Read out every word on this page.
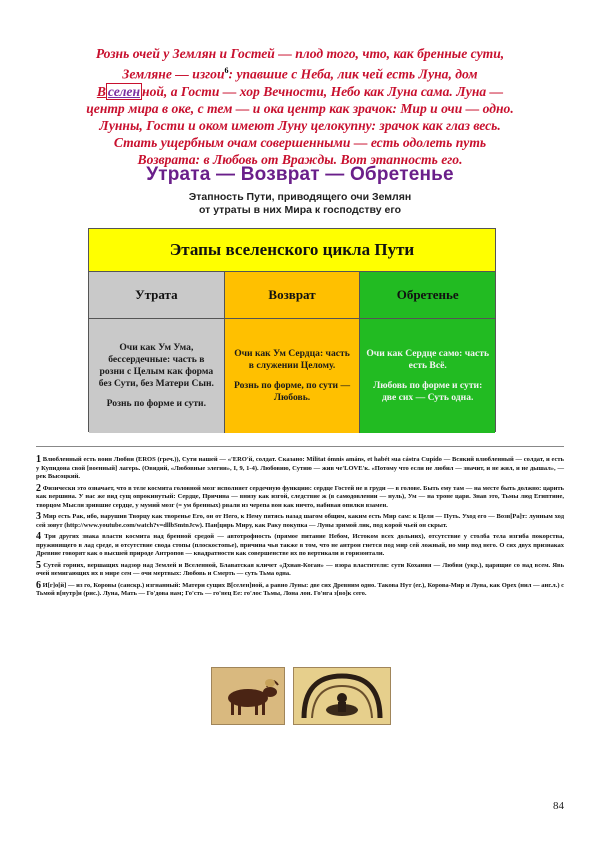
Рознь очей у Землян и Гостей — плод того, что, как бренные сути,
Земляне — изгои$^6$: упавшие с Неба, лик чей есть Луна, дом
В селен ной, а Гости — хор Вечности, Небо как Луна сама. Луна —
центр мира в оке, с тем — и ока центр как зрачок: Мир и очи — одно.
Лунны, Гости и оком имеют Луну целокупну: зрачок как глаз весь.
Стать ущербным очам совершенными — есть одолеть путь
Возврата: в Любовь от Вражды. Вот этапность его.
Утрата — Возврат — Обретенье
Этапность Пути, приводящего очи Землян
от утраты в них Мира к господству его
Этапы вселенского цикла Пути
Утрата

Очи как Ум Ума, бессердечные: часть в розни с Целым как форма без Сути, без Матери Сын.

Рознь по форме и сути.

Возврат

Очи как Ум Сердца: часть в служении Целому.

Рознь по форме, по сути — Любовь.

Обретенье

Очи как Сердце само: часть есть Всё.

Любовь по форме и сути: две сих — Суть одна.

1 Влюбленный есть воин Любви (EROS (греч.)), Сути нашей — «'EROʹй, солдат. Сказано: Militat ómnis amáns, et habét sua cástra Cupído — Всякий влюбленный — солдат, и есть у Купидона свой [военный] лагерь. (Овидий, «Любовные элегии», I, 9, 1-4). Любовию, Сутию — жив че'LOVE'к. «Потому что если не любил — значит, и не жил, и не дышал», — рек Высоцкий.
2 Физически это означает, что в теле космита головной мозг исполняет сердечную функцию: сердце Гостей не в груди — в голове. Быть ему там — на месте быть должно: царить как вершина. У нас же вид сущ опрокинутый: Сердце, Причина — внизу как изгой, следствие ж (в самодовлении — нуль), Ум — на троне царя. Знав это, Тьмы люд Египтине, творцом Мысли зрившие сердце, у мумий мозг (= ум бренных) рвали из черепа вон как ничто, набивая опилки взамен.
3 Мир есть Рак, ибо, нарушив Творцу как творенье Его, он от Него, к Нему пятясь назад шагом общим, каким есть Мир сам: к Цели — Путь. Уход его — Возв[Ра]т: лунным ход сей зовут (http://www.youtube.com/watch?v=dllbSmtnJcw). Пан[цирь Миру, как Раку покупка — Луны зримой лик, под корой чьей он скрыт.
4 Три других знака власти космита над бренной средой — автотрофность (прямое питание Небом, Истоком всех дольних), отсутствие у столба тела изгиба покорства, пружинящего в лад среде, и отсутствие свода стопы (плоскостопье), причина чья также в том, что не антрон гнется под мир сей ложный, но мир под него. О сих двух признаках Древние говорят как о высшей природе Антропов — квадратности как совершенстве их по вертикали и горизонтали.
5 Сутей горних, вершащих надзор над Землей и Вселенной, Блаватская кличет «Дхиан-Коган» — взора властители: сути Кохания — Любви (укр.), царящие со над всем. Явь очей немигающих их в мире сем — очи мертвых: Любовь и Смерть — суть Тьма одна.
6 И[г]о[й] — из го, Коровы (санскр.) изгнанный: Матери сущих В[селен]ной, а равно Луны: две сих Древним одно. Такова Нут (ег.), Корова-Мир и Луна, как Орех (нил — анг.л.) с Тьмой в[нутр]и (рис.). Луна, Мать — Го'дова нам; Го'сть — го'нец Ее: го'лос Тьмы, Лона лон. Го'нга з[во]к сего.
84
